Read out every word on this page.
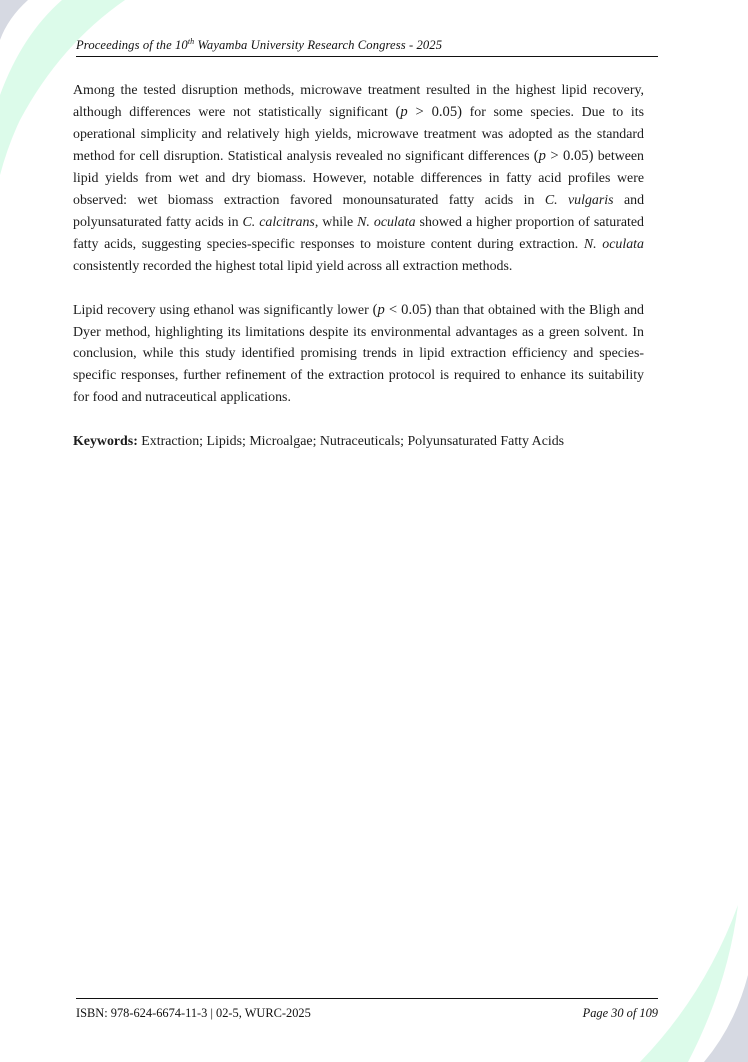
Proceedings of the 10th Wayamba University Research Congress - 2025

Among the tested disruption methods, microwave treatment resulted in the highest lipid recovery, although differences were not statistically significant (p > 0.05) for some species. Due to its operational simplicity and relatively high yields, microwave treatment was adopted as the standard method for cell disruption. Statistical analysis revealed no significant differences (p > 0.05) between lipid yields from wet and dry biomass. However, notable differences in fatty acid profiles were observed: wet biomass extraction favored monounsaturated fatty acids in C. vulgaris and polyunsaturated fatty acids in C. calcitrans, while N. oculata showed a higher proportion of saturated fatty acids, suggesting species-specific responses to moisture content during extraction. N. oculata consistently recorded the highest total lipid yield across all extraction methods.

Lipid recovery using ethanol was significantly lower (p < 0.05) than that obtained with the Bligh and Dyer method, highlighting its limitations despite its environmental advantages as a green solvent. In conclusion, while this study identified promising trends in lipid extraction efficiency and species-specific responses, further refinement of the extraction protocol is required to enhance its suitability for food and nutraceutical applications.

Keywords: Extraction; Lipids; Microalgae; Nutraceuticals; Polyunsaturated Fatty Acids

ISBN: 978-624-6674-11-3 | 02-5, WURC-2025	Page 30 of 109
